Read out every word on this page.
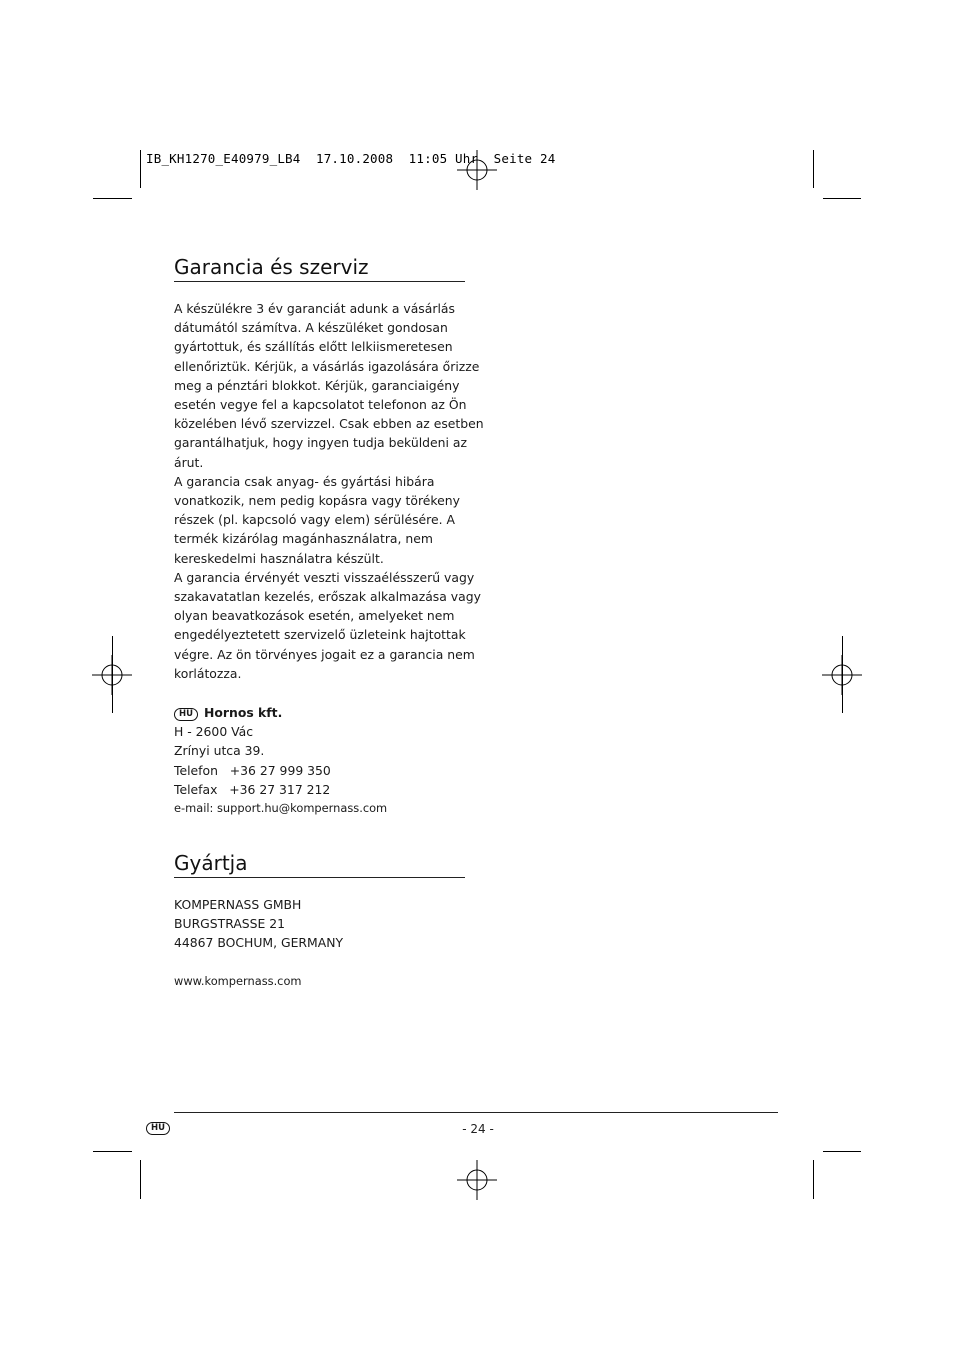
IB_KH1270_E40979_LB4  17.10.2008  11:05 Uhr  Seite 24
Garancia és szerviz
A készülékre 3 év garanciát adunk a vásárlás
dátumától számítva. A készüléket gondosan
gyártottuk, és szállítás előtt lelkiismeretesen
ellenőriztük. Kérjük, a vásárlás igazolására őrizze
meg a pénztári blokkot. Kérjük, garanciaigény
esetén vegye fel a kapcsolatot telefonon az Ön
közelében lévő szervizzel. Csak ebben az esetben
garantálhatjuk, hogy ingyen tudja beküldeni az
árut.
A garancia csak anyag- és gyártási hibára
vonatkozik, nem pedig kopásra vagy törékeny
részek (pl. kapcsoló vagy elem) sérülésére. A
termék kizárólag magánhasználatra, nem
kereskedelmi használatra készült.
A garancia érvényét veszti visszaélésszerű vagy
szakavatatlan kezelés, erőszak alkalmazása vagy
olyan beavatkozások esetén, amelyeket nem
engedélyeztetett szervizelő üzleteink hajtottak
végre. Az ön törvényes jogait ez a garancia nem
korlátozza.
HU Hornos kft.
H - 2600 Vác
Zrínyi utca 39.
Telefon   +36 27 999 350
Telefax   +36 27 317 212
e-mail: support.hu@kompernass.com
Gyártja
KOMPERNASS GMBH
BURGSTRASSE 21
44867 BOCHUM, GERMANY
www.kompernass.com
HU	- 24 -
